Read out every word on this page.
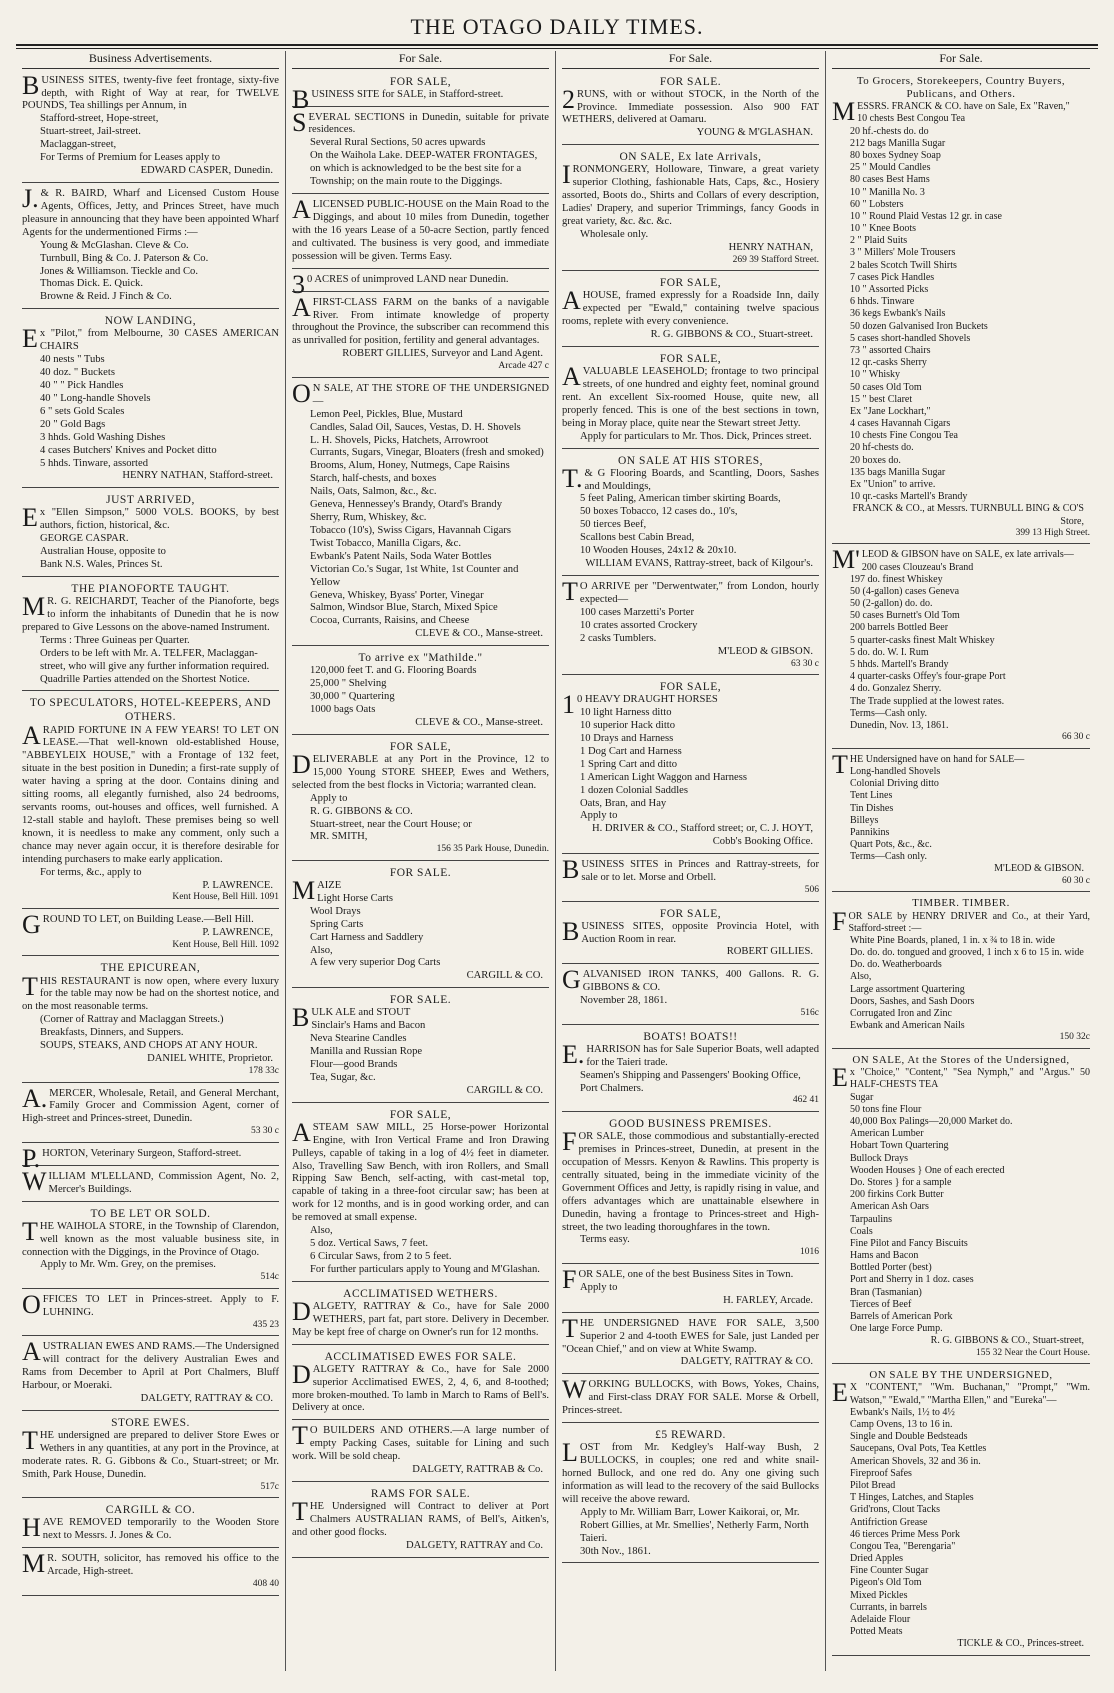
THE OTAGO DAILY TIMES.
Business Advertisements.
BUSINESS SITES, twenty-five feet frontage, sixty-five depth, with Right of Way at rear, for TWELVE POUNDS, Tea shillings per Annum, in
Stafford-street, Hope-street,
Stuart-street, Jail-street.
Maclaggan-street,
For Terms of Premium for Leases apply to
EDWARD CASPER, Dunedin.
J.& R. BAIRD, Wharf and Licensed Custom House Agents, Offices, Jetty, and Princes Street, have much pleasure in announcing that they have been appointed Wharf Agents for the undermentioned Firms :—
Young & McGlashan. Cleve & Co.
Turnbull, Bing & Co. J. Paterson & Co.
Jones & Williamson. Tieckle and Co.
Thomas Dick. E. Quick.
Browne & Reid. J Finch & Co.
NOW LANDING,
Ex "Pilot," from Melbourne, 30 CASES AMERICAN CHAIRS
40 nests " Tubs
40 doz. " Buckets
40 " " Pick Handles
40 " Long-handle Shovels
6 " sets Gold Scales
20 " Gold Bags
3 hhds. Gold Washing Dishes
4 cases Butchers' Knives and Pocket ditto
5 hhds. Tinware, assorted
HENRY NATHAN, Stafford-street.
JUST ARRIVED,
Ex "Ellen Simpson," 5000 VOLS. BOOKS, by best authors, fiction, historical, &c.
GEORGE CASPAR.
Australian House, opposite to
Bank N.S. Wales, Princes St.
THE PIANOFORTE TAUGHT.
MR. G. REICHARDT, Teacher of the Pianoforte, begs to inform the inhabitants of Dunedin that he is now prepared to Give Lessons on the above-named Instrument.
Terms : Three Guineas per Quarter.
Orders to be left with Mr. A. TELFER, Maclaggan-street, who will give any further information required.
Quadrille Parties attended on the Shortest Notice.
TO SPECULATORS, HOTEL-KEEPERS, AND OTHERS.
ARAPID FORTUNE IN A FEW YEARS! TO LET ON LEASE.—That well-known old-established House, "ABBEYLEIX HOUSE," with a Frontage of 132 feet, situate in the best position in Dunedin; a first-rate supply of water having a spring at the door. Contains dining and sitting rooms, all elegantly furnished, also 24 bedrooms, servants rooms, out-houses and offices, well furnished. A 12-stall stable and hayloft. These premises being so well known, it is needless to make any comment, only such a chance may never again occur, it is therefore desirable for intending purchasers to make early application.
For terms, &c., apply to
P. LAWRENCE.
Kent House, Bell Hill. 1091
GROUND TO LET, on Building Lease.—Bell Hill.
P. LAWRENCE,
Kent House, Bell Hill. 1092
THE EPICUREAN,
THIS RESTAURANT is now open, where every luxury for the table may now be had on the shortest notice, and on the most reasonable terms.
(Corner of Rattray and Maclaggan Streets.)
Breakfasts, Dinners, and Suppers.
SOUPS, STEAKS, AND CHOPS AT ANY HOUR.
DANIEL WHITE, Proprietor.
178 33c
A.MERCER, Wholesale, Retail, and General Merchant, Family Grocer and Commission Agent, corner of High-street and Princes-street, Dunedin.
53 30 c
P.HORTON, Veterinary Surgeon, Stafford-street.
WILLIAM M'LELLAND, Commission Agent, No. 2, Mercer's Buildings.
TO BE LET OR SOLD.
THE WAIHOLA STORE, in the Township of Clarendon, well known as the most valuable business site, in connection with the Diggings, in the Province of Otago.
Apply to Mr. Wm. Grey, on the premises.
514c
OFFICES TO LET in Princes-street. Apply to F. LUHNING.
435 23
AUSTRALIAN EWES AND RAMS.—The Undersigned will contract for the delivery Australian Ewes and Rams from December to April at Port Chalmers, Bluff Harbour, or Moeraki.
DALGETY, RATTRAY & CO.
STORE EWES.
THE undersigned are prepared to deliver Store Ewes or Wethers in any quantities, at any port in the Province, at moderate rates. R. G. Gibbons & Co., Stuart-street; or Mr. Smith, Park House, Dunedin.
517c
CARGILL & CO.
HAVE REMOVED temporarily to the Wooden Store next to Messrs. J. Jones & Co.
MR. SOUTH, solicitor, has removed his office to the Arcade, High-street.
408 40
For Sale.
FOR SALE,
BUSINESS SITE for SALE, in Stafford-street.
SEVERAL SECTIONS in Dunedin, suitable for private residences.
Several Rural Sections, 50 acres upwards
On the Waihola Lake. DEEP-WATER FRONTAGES, on which is acknowledged to be the best site for a Township; on the main route to the Diggings.
ALICENSED PUBLIC-HOUSE on the Main Road to the Diggings, and about 10 miles from Dunedin, together with the 16 years Lease of a 50-acre Section, partly fenced and cultivated. The business is very good, and immediate possession will be given. Terms Easy.
30 ACRES of unimproved LAND near Dunedin.
AFIRST-CLASS FARM on the banks of a navigable River. From intimate knowledge of property throughout the Province, the subscriber can recommend this as unrivalled for position, fertility and general advantages.
ROBERT GILLIES, Surveyor and Land Agent.
Arcade 427 c
ON SALE, AT THE STORE OF THE UNDERSIGNED—
Lemon Peel, Pickles, Blue, Mustard
Candles, Salad Oil, Sauces, Vestas, D. H. Shovels
L. H. Shovels, Picks, Hatchets, Arrowroot
Currants, Sugars, Vinegar, Bloaters (fresh and smoked)
Brooms, Alum, Honey, Nutmegs, Cape Raisins
Starch, half-chests, and boxes
Nails, Oats, Salmon, &c., &c.
Geneva, Hennessey's Brandy, Otard's Brandy
Sherry, Rum, Whiskey, &c.
Tobacco (10's), Swiss Cigars, Havannah Cigars
Twist Tobacco, Manilla Cigars, &c.
Ewbank's Patent Nails, Soda Water Bottles
Victorian Co.'s Sugar, 1st White, 1st Counter and Yellow
Geneva, Whiskey, Byass' Porter, Vinegar
Salmon, Windsor Blue, Starch, Mixed Spice
Cocoa, Currants, Raisins, and Cheese
CLEVE & CO., Manse-street.
To arrive ex "Mathilde."
120,000 feet T. and G. Flooring Boards
25,000 " Shelving
30,000 " Quartering
1000 bags Oats
CLEVE & CO., Manse-street.
FOR SALE,
DELIVERABLE at any Port in the Province, 12 to 15,000 Young STORE SHEEP, Ewes and Wethers, selected from the best flocks in Victoria; warranted clean.
Apply to
R. G. GIBBONS & CO.
Stuart-street, near the Court House; or
MR. SMITH,
156 35 Park House, Dunedin.
FOR SALE.
MAIZE
Light Horse Carts
Wool Drays
Spring Carts
Cart Harness and Saddlery
Also,
A few very superior Dog Carts
CARGILL & CO.
FOR SALE.
BULK ALE and STOUT
Sinclair's Hams and Bacon
Neva Stearine Candles
Manilla and Russian Rope
Flour—good Brands
Tea, Sugar, &c.
CARGILL & CO.
FOR SALE,
ASTEAM SAW MILL, 25 Horse-power Horizontal Engine, with Iron Vertical Frame and Iron Drawing Pulleys, capable of taking in a log of 4½ feet in diameter. Also, Travelling Saw Bench, with iron Rollers, and Small Ripping Saw Bench, self-acting, with cast-metal top, capable of taking in a three-foot circular saw; has been at work for 12 months, and is in good working order, and can be removed at small expense.
Also,
5 doz. Vertical Saws, 7 feet.
6 Circular Saws, from 2 to 5 feet.
For further particulars apply to Young and M'Glashan.
ACCLIMATISED WETHERS.
DALGETY, RATTRAY & Co., have for Sale 2000 WETHERS, part fat, part store. Delivery in December. May be kept free of charge on Owner's run for 12 months.
ACCLIMATISED EWES FOR SALE.
DALGETY RATTRAY & Co., have for Sale 2000 superior Acclimatised EWES, 2, 4, 6, and 8-toothed; more broken-mouthed. To lamb in March to Rams of Bell's. Delivery at once.
TO BUILDERS AND OTHERS.—A large number of empty Packing Cases, suitable for Lining and such work. Will be sold cheap.
DALGETY, RATTRAB & Co.
RAMS FOR SALE.
THE Undersigned will Contract to deliver at Port Chalmers AUSTRALIAN RAMS, of Bell's, Aitken's, and other good flocks.
DALGETY, RATTRAY and Co.
For Sale.
FOR SALE.
2RUNS, with or without STOCK, in the North of the Province. Immediate possession. Also 900 FAT WETHERS, delivered at Oamaru.
YOUNG & M'GLASHAN.
ON SALE, Ex late Arrivals,
IRONMONGERY, Holloware, Tinware, a great variety superior Clothing, fashionable Hats, Caps, &c., Hosiery assorted, Boots do., Shirts and Collars of every description, Ladies' Drapery, and superior Trimmings, fancy Goods in great variety, &c. &c. &c.
Wholesale only.
HENRY NATHAN,
269 39 Stafford Street.
FOR SALE,
AHOUSE, framed expressly for a Roadside Inn, daily expected per "Ewald," containing twelve spacious rooms, replete with every convenience.
R. G. GIBBONS & CO., Stuart-street.
FOR SALE,
AVALUABLE LEASEHOLD; frontage to two principal streets, of one hundred and eighty feet, nominal ground rent. An excellent Six-roomed House, quite new, all properly fenced. This is one of the best sections in town, being in Moray place, quite near the Stewart street Jetty.
Apply for particulars to Mr. Thos. Dick, Princes street.
ON SALE AT HIS STORES,
T.& G Flooring Boards, and Scantling, Doors, Sashes and Mouldings,
5 feet Paling, American timber skirting Boards,
50 boxes Tobacco, 12 cases do., 10's,
50 tierces Beef,
Scallons best Cabin Bread,
10 Wooden Houses, 24x12 & 20x10.
WILLIAM EVANS, Rattray-street, back of Kilgour's.
TO ARRIVE per "Derwentwater," from London, hourly expected—
100 cases Marzetti's Porter
10 crates assorted Crockery
2 casks Tumblers.
M'LEOD & GIBSON.
63 30 c
FOR SALE,
10 HEAVY DRAUGHT HORSES
10 light Harness ditto
10 superior Hack ditto
10 Drays and Harness
1 Dog Cart and Harness
1 Spring Cart and ditto
1 American Light Waggon and Harness
1 dozen Colonial Saddles
Oats, Bran, and Hay
Apply to
H. DRIVER & CO., Stafford street; or, C. J. HOYT, Cobb's Booking Office.
BUSINESS SITES in Princes and Rattray-streets, for sale or to let. Morse and Orbell.
506
FOR SALE,
BUSINESS SITES, opposite Provincia Hotel, with Auction Room in rear.
ROBERT GILLIES.
GALVANISED IRON TANKS, 400 Gallons. R. G. GIBBONS & CO.
November 28, 1861.
516c
BOATS! BOATS!!
E.HARRISON has for Sale Superior Boats, well adapted for the Taieri trade.
Seamen's Shipping and Passengers' Booking Office, Port Chalmers.
462 41
GOOD BUSINESS PREMISES.
FOR SALE, those commodious and substantially-erected premises in Princes-street, Dunedin, at present in the occupation of Messrs. Kenyon & Rawlins. This property is centrally situated, being in the immediate vicinity of the Government Offices and Jetty, is rapidly rising in value, and offers advantages which are unattainable elsewhere in Dunedin, having a frontage to Princes-street and High-street, the two leading thoroughfares in the town.
Terms easy.
1016
FOR SALE, one of the best Business Sites in Town.
Apply to
H. FARLEY, Arcade.
THE UNDERSIGNED HAVE FOR SALE, 3,500 Superior 2 and 4-tooth EWES for Sale, just Landed per "Ocean Chief," and on view at White Swamp.
DALGETY, RATTRAY & CO.
WORKING BULLOCKS, with Bows, Yokes, Chains, and First-class DRAY FOR SALE. Morse & Orbell, Princes-street.
£5 REWARD.
LOST from Mr. Kedgley's Half-way Bush, 2 BULLOCKS, in couples; one red and white snail-horned Bullock, and one red do. Any one giving such information as will lead to the recovery of the said Bullocks will receive the above reward.
Apply to Mr. William Barr, Lower Kaikorai, or, Mr. Robert Gillies, at Mr. Smellies', Netherly Farm, North Taieri.
30th Nov., 1861.
For Sale.
To Grocers, Storekeepers, Country Buyers, Publicans, and Others.
MESSRS. FRANCK & CO. have on Sale, Ex "Raven,"
10 chests Best Congou Tea
20 hf.-chests do. do
212 bags Manilla Sugar
80 boxes Sydney Soap
25 " Mould Candles
80 cases Best Hams
10 " Manilla No. 3
60 " Lobsters
10 " Round Plaid Vestas 12 gr. in case
10 " Knee Boots
2 " Plaid Suits
3 " Millers' Mole Trousers
2 bales Scotch Twill Shirts
7 cases Pick Handles
10 " Assorted Picks
6 hhds. Tinware
36 kegs Ewbank's Nails
50 dozen Galvanised Iron Buckets
5 cases short-handled Shovels
73 " assorted Chairs
12 qr.-casks Sherry
10 " Whisky
50 cases Old Tom
15 " best Claret
Ex "Jane Lockhart,"
4 cases Havannah Cigars
10 chests Fine Congou Tea
20 hf-chests do.
20 boxes do.
135 bags Manilla Sugar
Ex "Union" to arrive.
10 qr.-casks Martell's Brandy
FRANCK & CO., at Messrs. TURNBULL BING & CO'S Store,
399 13 High Street.
M'LEOD & GIBSON have on SALE, ex late arrivals—
200 cases Clouzeau's Brand
197 do. finest Whiskey
50 (4-gallon) cases Geneva
50 (2-gallon) do. do.
50 cases Burnett's Old Tom
200 barrels Bottled Beer
5 quarter-casks finest Malt Whiskey
5 do. do. W. I. Rum
5 hhds. Martell's Brandy
4 quarter-casks Offey's four-grape Port
4 do. Gonzalez Sherry.
The Trade supplied at the lowest rates.
Terms—Cash only.
Dunedin, Nov. 13, 1861.
66 30 c
THE Undersigned have on hand for SALE—
Long-handled Shovels
Colonial Driving ditto
Tent Lines
Tin Dishes
Billeys
Pannikins
Quart Pots, &c., &c.
Terms—Cash only.
M'LEOD & GIBSON.
60 30 c
TIMBER. TIMBER.
FOR SALE by HENRY DRIVER and Co., at their Yard, Stafford-street :—
White Pine Boards, planed, 1 in. x ¾ to 18 in. wide
Do. do. do. tongued and grooved, 1 inch x 6 to 15 in. wide
Do. do. Weatherboards
Also,
Large assortment Quartering
Doors, Sashes, and Sash Doors
Corrugated Iron and Zinc
Ewbank and American Nails
150 32c
ON SALE, At the Stores of the Undersigned,
Ex "Choice," "Content," "Sea Nymph," and "Argus." 50 HALF-CHESTS TEA
Sugar
50 tons fine Flour
40,000 Box Palings—20,000 Market do.
American Lumber
Hobart Town Quartering
Bullock Drays
Wooden Houses } One of each erected
Do. Stores } for a sample
200 firkins Cork Butter
American Ash Oars
Tarpaulins
Coals
Fine Pilot and Fancy Biscuits
Hams and Bacon
Bottled Porter (best)
Port and Sherry in 1 doz. cases
Bran (Tasmanian)
Tierces of Beef
Barrels of American Pork
One large Force Pump.
R. G. GIBBONS & CO., Stuart-street,
155 32 Near the Court House.
ON SALE BY THE UNDERSIGNED,
EX "CONTENT," "Wm. Buchanan," "Prompt," "Wm. Watson," "Ewald," "Martha Ellen," and "Eureka"—
Ewbank's Nails, 1½ to 4½
Camp Ovens, 13 to 16 in.
Single and Double Bedsteads
Saucepans, Oval Pots, Tea Kettles
American Shovels, 32 and 36 in.
Fireproof Safes
Pilot Bread
T Hinges, Latches, and Staples
Grid'rons, Clout Tacks
Antifriction Grease
46 tierces Prime Mess Pork
Congou Tea, "Berengaria"
Dried Apples
Fine Counter Sugar
Pigeon's Old Tom
Mixed Pickles
Currants, in barrels
Adelaide Flour
Potted Meats
TICKLE & CO., Princes-street.
